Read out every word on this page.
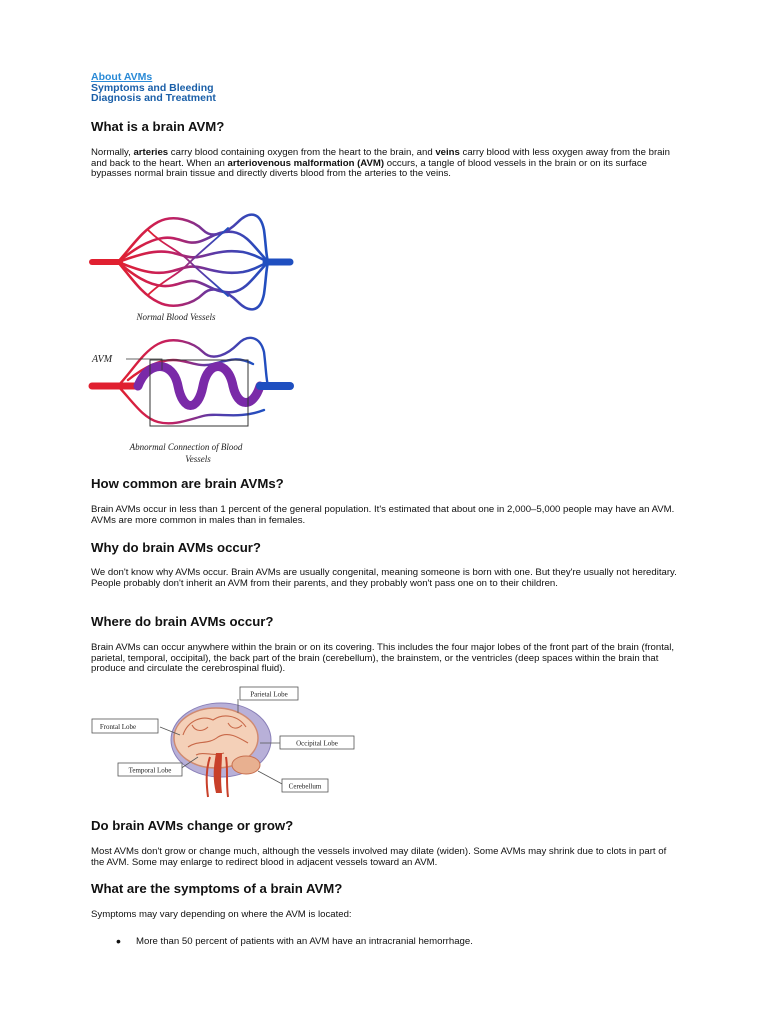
About AVMs
Symptoms and Bleeding
Diagnosis and Treatment
What is a brain AVM?

Normally, arteries carry blood containing oxygen from the heart to the brain, and veins carry blood with less oxygen away from the brain and back to the heart. When an arteriovenous malformation (AVM) occurs, a tangle of blood vessels in the brain or on its surface bypasses normal brain tissue and directly diverts blood from the arteries to the veins.

Normal Blood Vessels
AVM
Abnormal Connection of Blood
Vessels
How common are brain AVMs?

Brain AVMs occur in less than 1 percent of the general population. It's estimated that about one in 2,000–5,000 people may have an AVM. AVMs are more common in males than in females.

Why do brain AVMs occur?

We don't know why AVMs occur. Brain AVMs are usually congenital, meaning someone is born with one. But they're usually not hereditary. People probably don't inherit an AVM from their parents, and they probably won't pass one on to their children.

Where do brain AVMs occur?

Brain AVMs can occur anywhere within the brain or on its covering. This includes the four major lobes of the front part of the brain (frontal, parietal, temporal, occipital), the back part of the brain (cerebellum), the brainstem, or the ventricles (deep spaces within the brain that produce and circulate the cerebrospinal fluid).

Parietal Lobe
Frontal Lobe
Occipital Lobe
Temporal Lobe
Cerebellum
Do brain AVMs change or grow?

Most AVMs don't grow or change much, although the vessels involved may dilate (widen). Some AVMs may shrink due to clots in part of the AVM. Some may enlarge to redirect blood in adjacent vessels toward an AVM.

What are the symptoms of a brain AVM?

Symptoms may vary depending on where the AVM is located:

• More than 50 percent of patients with an AVM have an intracranial hemorrhage.
